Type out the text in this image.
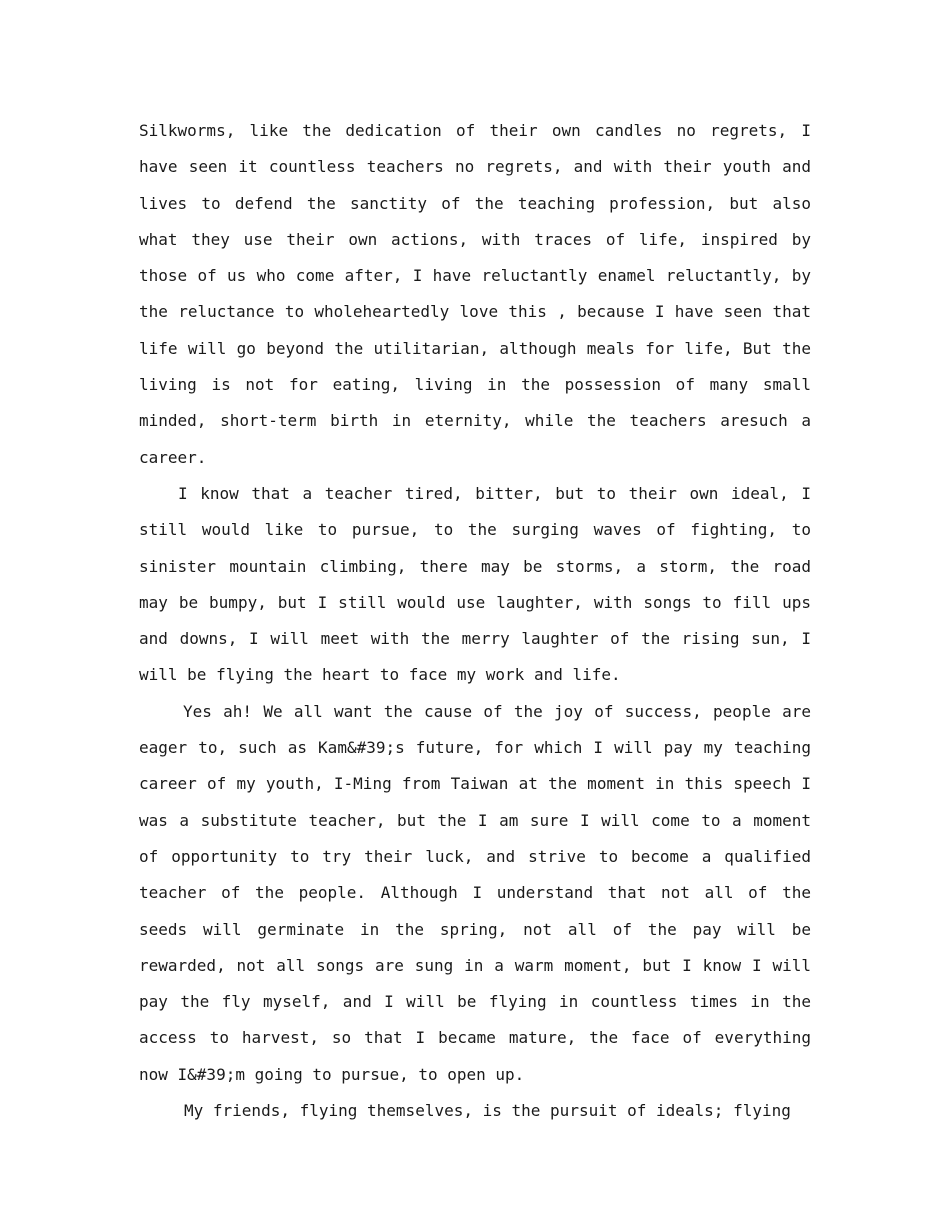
Silkworms, like the dedication of their own candles no regrets, I have seen it countless teachers no regrets, and with their youth and lives to defend the sanctity of the teaching profession, but also what they use their own actions, with traces of life, inspired by those of us who come after, I have reluctantly enamel reluctantly, by the reluctance to wholeheartedly love this , because I have seen that life will go beyond the utilitarian, although meals for life, But the living is not for eating, living in the possession of many small minded, short-term birth in eternity, while the teachers aresuch a career.

I know that a teacher tired, bitter, but to their own ideal, I still would like to pursue, to the surging waves of fighting, to sinister mountain climbing, there may be storms, a storm, the road may be bumpy, but I still would use laughter, with songs to fill ups and downs, I will meet with the merry laughter of the rising sun, I will be flying the heart to face my work and life.

Yes ah! We all want the cause of the joy of success, people are eager to, such as Kam&#39;s future, for which I will pay my teaching career of my youth, I-Ming from Taiwan at the moment in this speech I was a substitute teacher, but the I am sure I will come to a moment of opportunity to try their luck, and strive to become a qualified teacher of the people. Although I understand that not all of the seeds will germinate in the spring, not all of the pay will be rewarded, not all songs are sung in a warm moment, but I know I will pay the fly myself, and I will be flying in countless times in the access to harvest, so that I became mature, the face of everything now I&#39;m going to pursue, to open up.

My friends, flying themselves, is the pursuit of ideals; flying
